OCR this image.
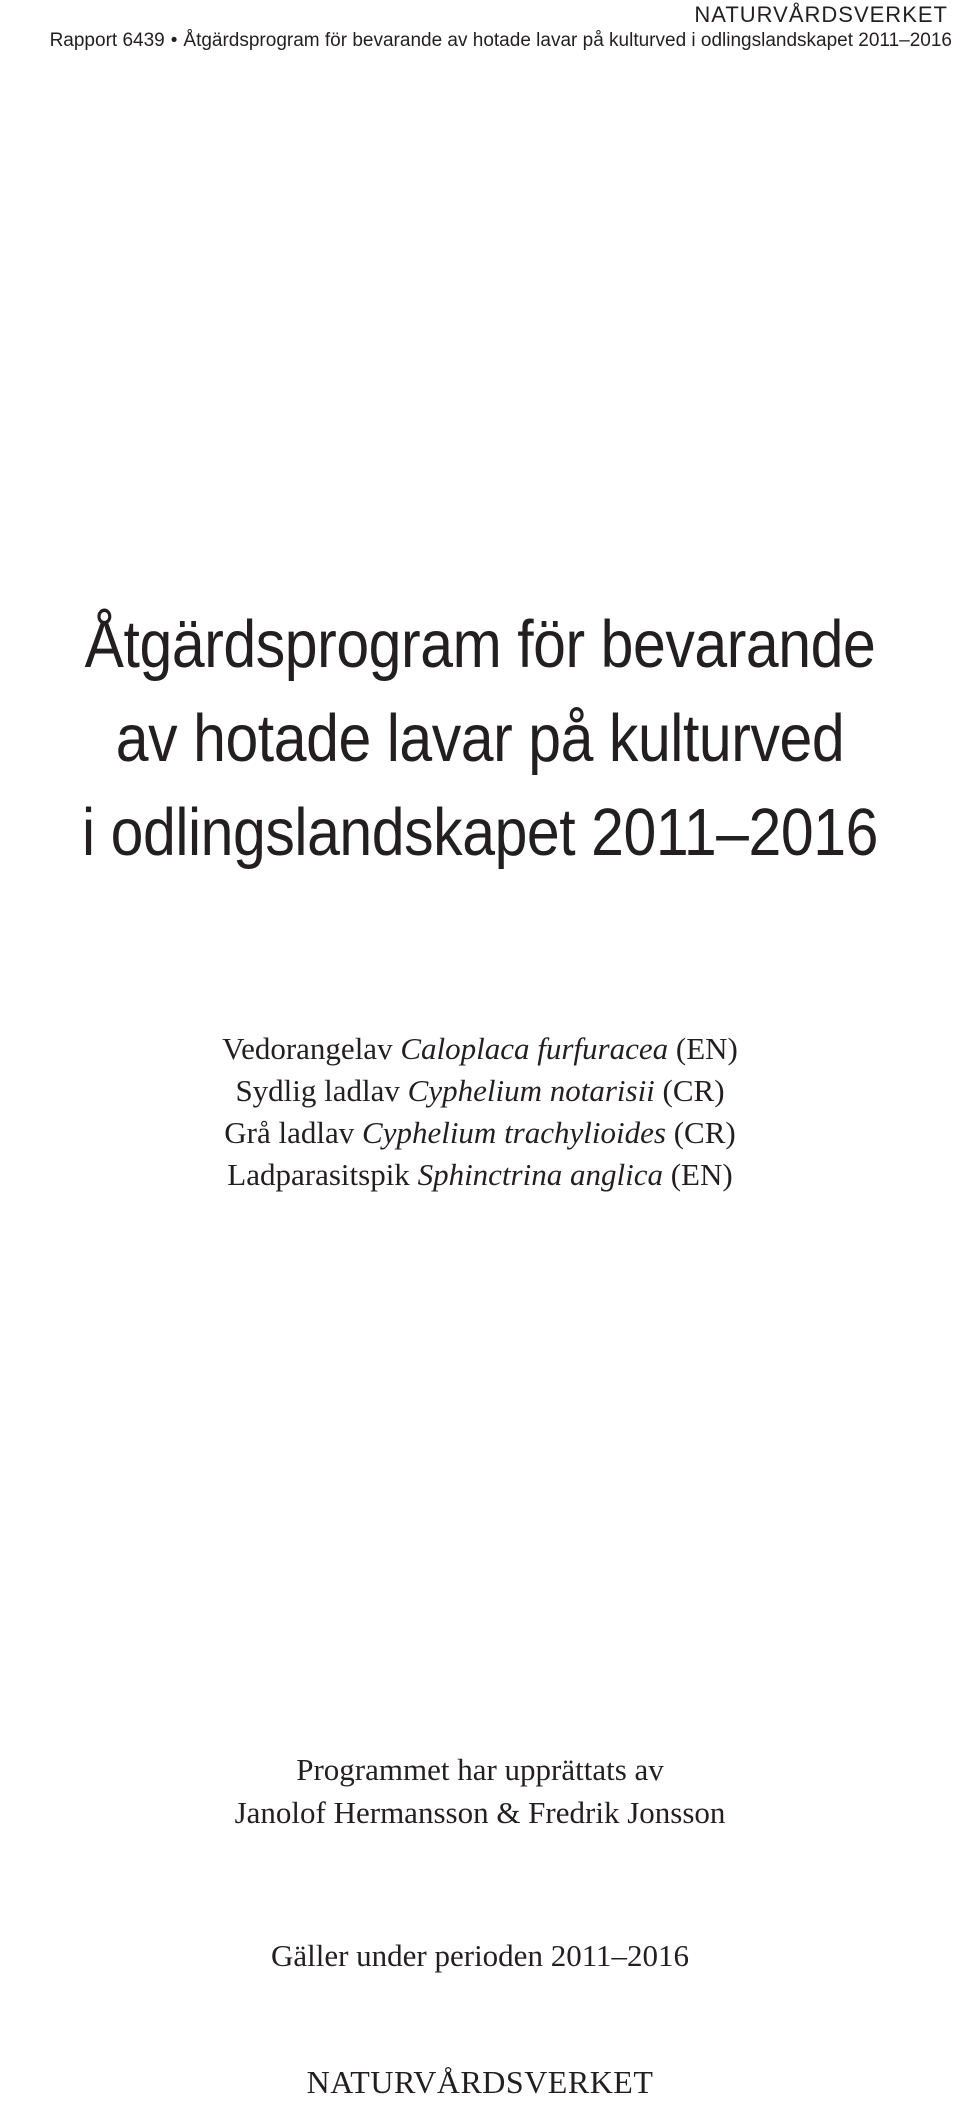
NATURVÅRDSVERKET
Rapport 6439 • Åtgärdsprogram för bevarande av hotade lavar på kulturved i odlingslandskapet 2011–2016
Åtgärdsprogram för bevarande
av hotade lavar på kulturved
i odlingslandskapet 2011–2016
Vedorangelav Caloplaca furfuracea (EN)
Sydlig ladlav Cyphelium notarisii (CR)
Grå ladlav Cyphelium trachylioides (CR)
Ladparasitspik Sphinctrina anglica (EN)
Programmet har upprättats av
Janolof Hermansson & Fredrik Jonsson
Gäller under perioden 2011–2016
NATURVÅRDSVERKET
